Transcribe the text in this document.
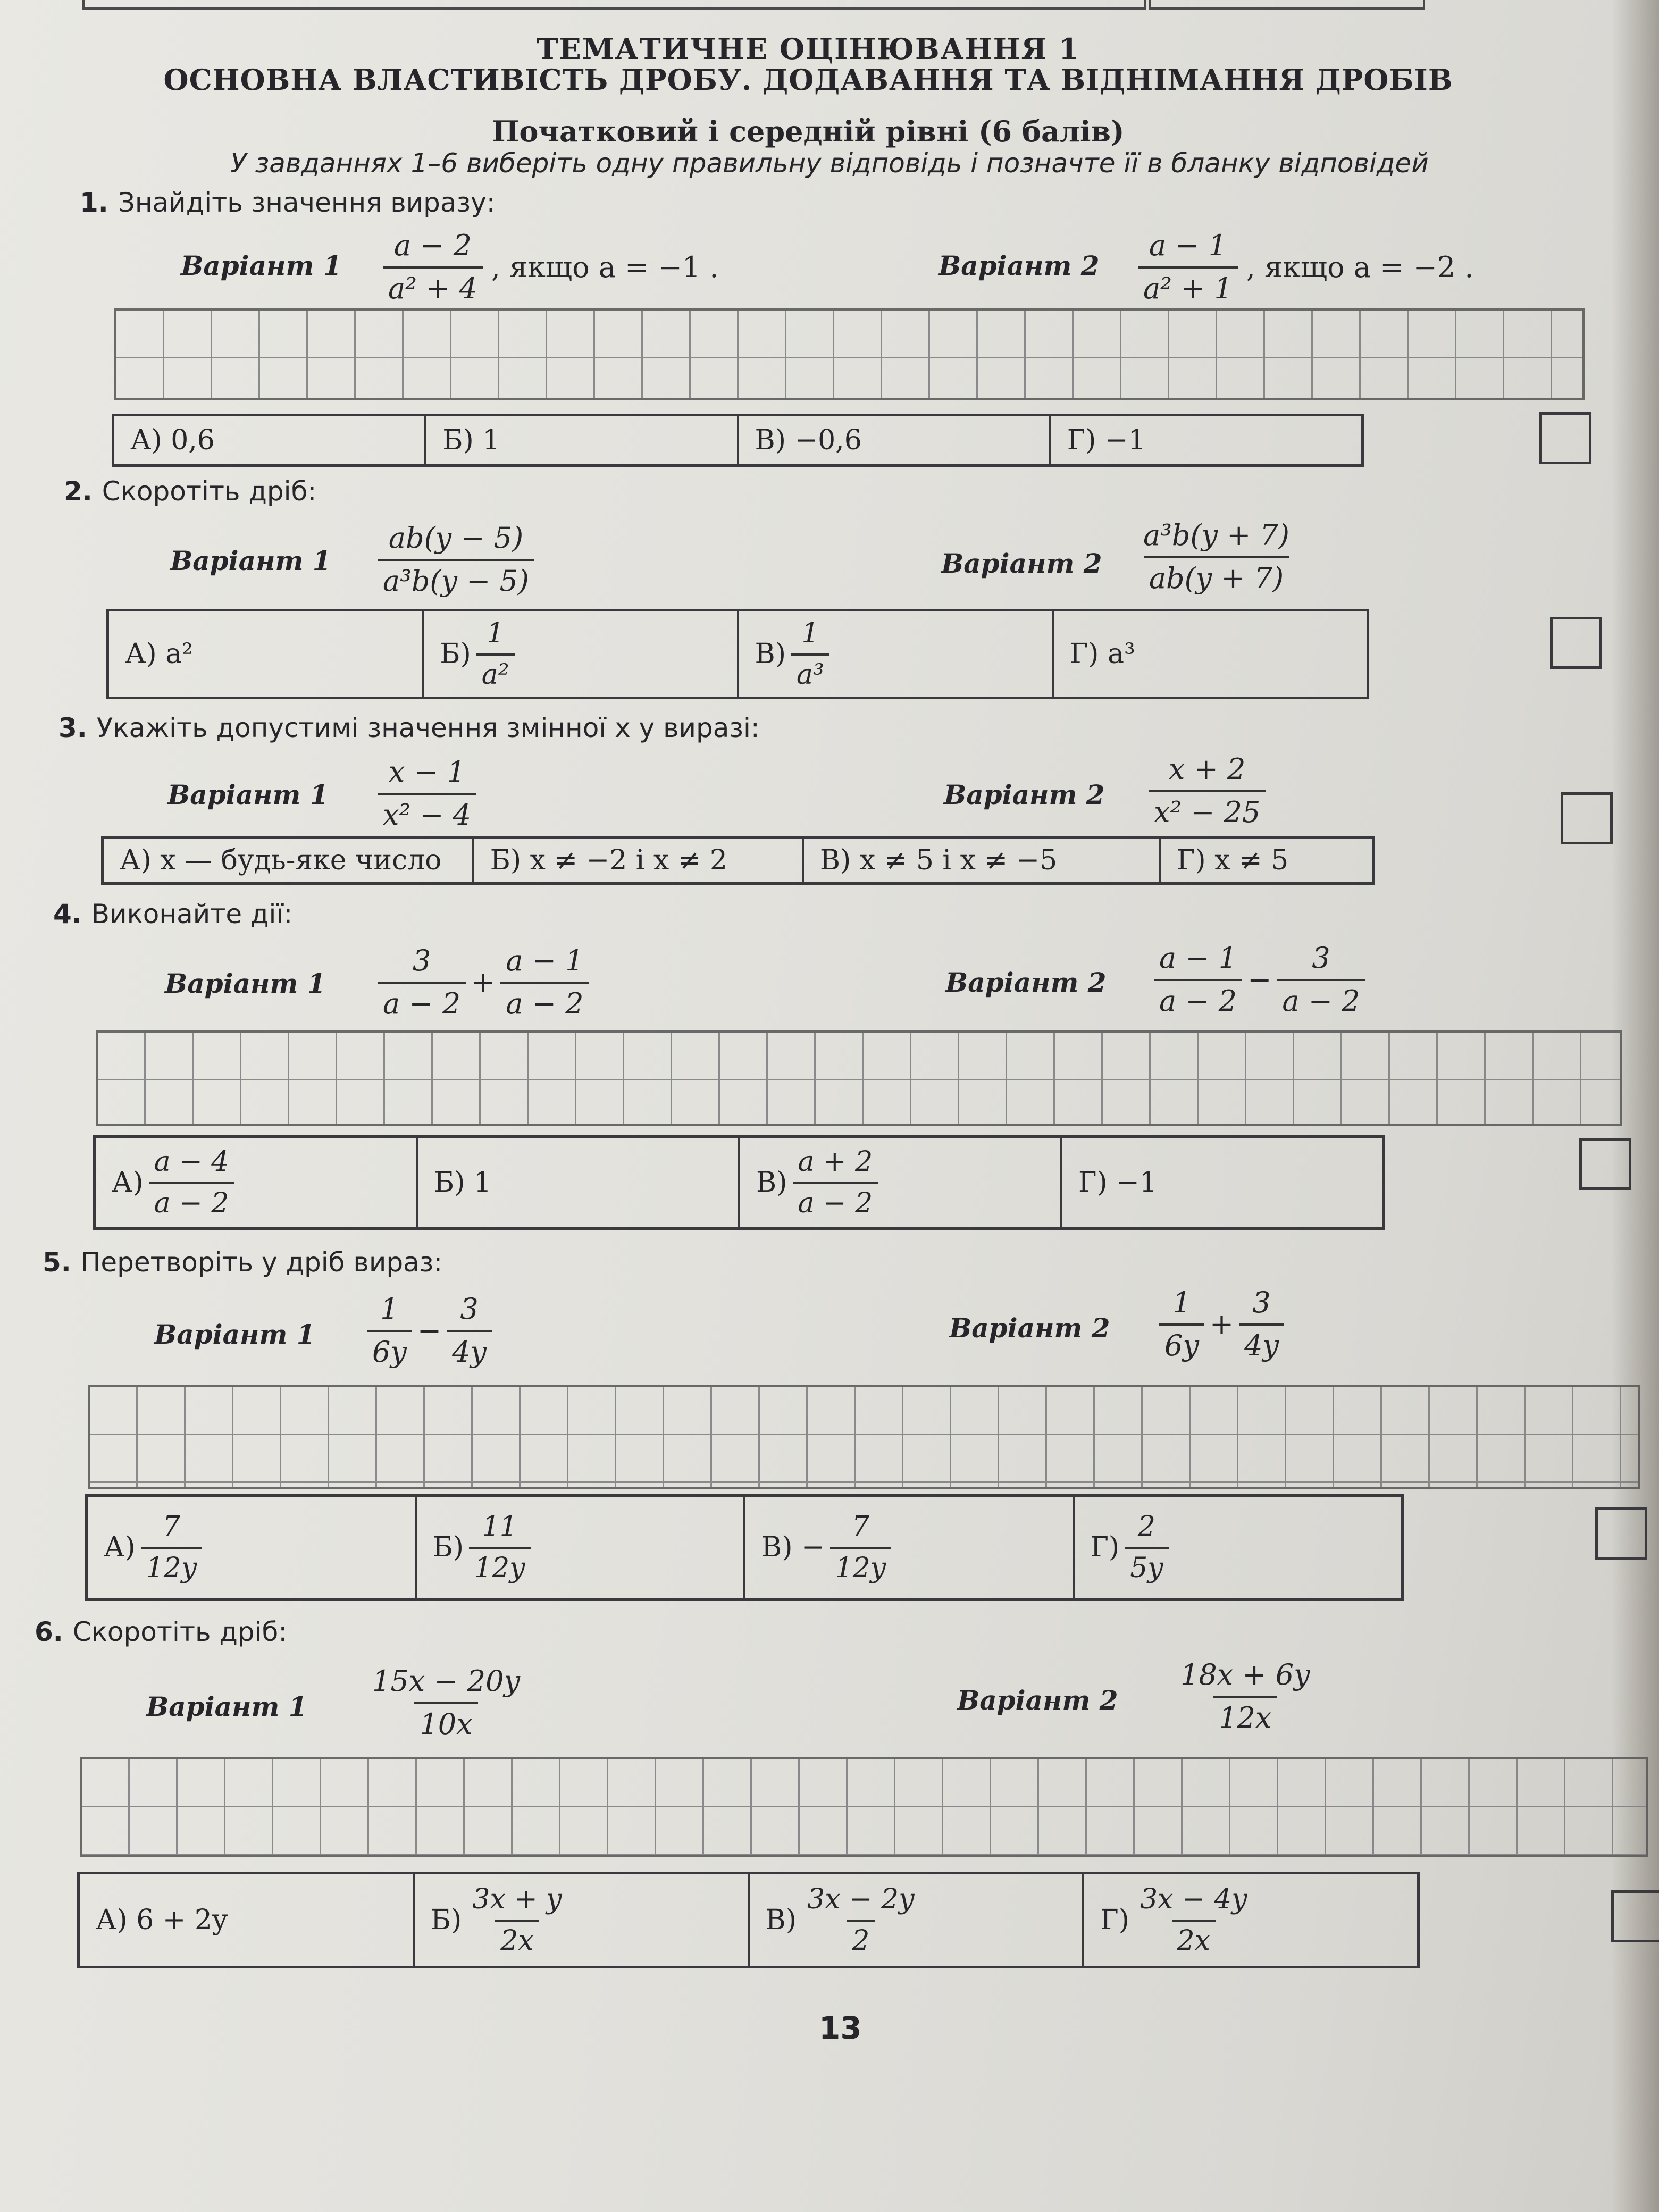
ТЕМАТИЧНЕ ОЦІНЮВАННЯ 1
ОСНОВНА ВЛАСТИВІСТЬ ДРОБУ. ДОДАВАННЯ ТА ВІДНІМАННЯ ДРОБІВ
Початковий і середній рівні (6 балів)
У завданнях 1–6 виберіть одну правильну відповідь і позначте її в бланку відповідей
1. Знайдіть значення виразу:
Варіант $1 \frac{a - 2}{\text{a² + 4}}$ , якщо a = −1 .	Варіант $2 \frac{a - 1}{\text{a² + 1}}$ , якщо a = −2 .
А) 0,6	Б) 1	В) −0,6	Г) −1
2. Скоротіть дріб:
Варіант $1 \frac{ab(y - 5)}{\text{a³b(y − 5)}}$	Варіант $2 \frac{\text{a³b(y + 7)}}{ab(y + 7)}$
А) a²	$Б) \frac{1}{\text{a²}}$	$В) \frac{1}{\text{a³}}$	Г) a³
3. Укажіть допустимі значення змінної x у виразі:
Варіант $1 \frac{x - 1}{\text{x² − 4}}$	Варіант $2 \frac{x + 2}{\text{x² − 25}}$
А) x — будь-яке число	Б) x ≠ −2 і x ≠ 2	В) x ≠ 5 і x ≠ −5	Г) x ≠ 5
4. Виконайте дії:
Варіант $1 \frac{3}{a - 2} + \frac{a - 1}{a - 2}$	Варіант $2 \frac{a - 1}{a - 2} - \frac{3}{a - 2}$
$А) \frac{a - 4}{a - 2}$	Б) 1	$В) \frac{a + 2}{a - 2}$	Г) −1
5. Перетворіть у дріб вираз:
Варіант $1 \frac{1}{6y} - \frac{3}{4y}$	Варіант $2 \frac{1}{6y} + \frac{3}{4y}$
$А) \frac{7}{12y}$	$Б) \frac{11}{12y}$	$В) - \frac{7}{12y}$	$Г) \frac{2}{5y}$
6. Скоротіть дріб:
Варіант $1 \frac{15x - 20y}{10x}$	Варіант $2 \frac{18x + 6y}{12x}$
А) 6 + 2y	$Б) \frac{3x + y}{2x}$	$В) \frac{3x - 2y}{2}$	$Г) \frac{3x - 4y}{2x}$
13
